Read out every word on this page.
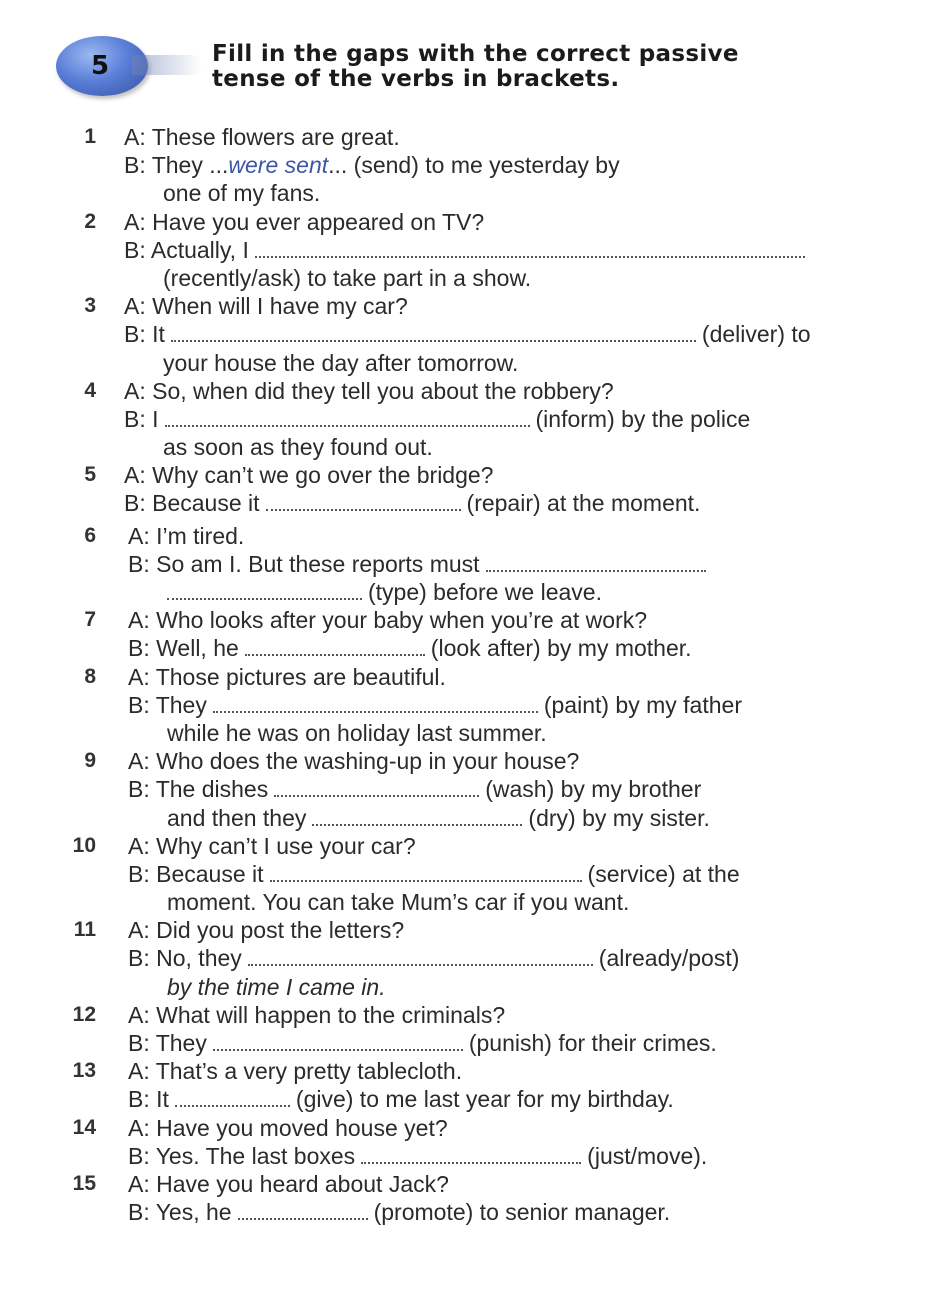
5	Fill in the gaps with the correct passive
tense of the verbs in brackets.
1 A: These flowers are great.
B: They ...were sent... (send) to me yesterday by
one of my fans.
2 A: Have you ever appeared on TV?
B: Actually, I
(recently/ask) to take part in a show.
3 A: When will I have my car?
B: It	(deliver) to
your house the day after tomorrow.
4 A: So, when did they tell you about the robbery?
B: I	(inform) by the police
as soon as they found out.
5 A: Why can’t we go over the bridge?
B: Because it	(repair) at the moment.
6 A: I’m tired.
B: So am I. But these reports must
(type) before we leave.
7 A: Who looks after your baby when you’re at work?
B: Well, he	(look after) by my mother.
8 A: Those pictures are beautiful.
B: They	(paint) by my father
while he was on holiday last summer.
9 A: Who does the washing-up in your house?
B: The dishes	(wash) by my brother
and then they	(dry) by my sister.
10 A: Why can’t I use your car?
B: Because it	(service) at the
moment. You can take Mum’s car if you want.
11 A: Did you post the letters?
B: No, they	(already/post)
by the time I came in.
12 A: What will happen to the criminals?
B: They	(punish) for their crimes.
13 A: That’s a very pretty tablecloth.
B: It	(give) to me last year for my birthday.
14 A: Have you moved house yet?
B: Yes. The last boxes	(just/move).
15 A: Have you heard about Jack?
B: Yes, he	(promote) to senior manager.
